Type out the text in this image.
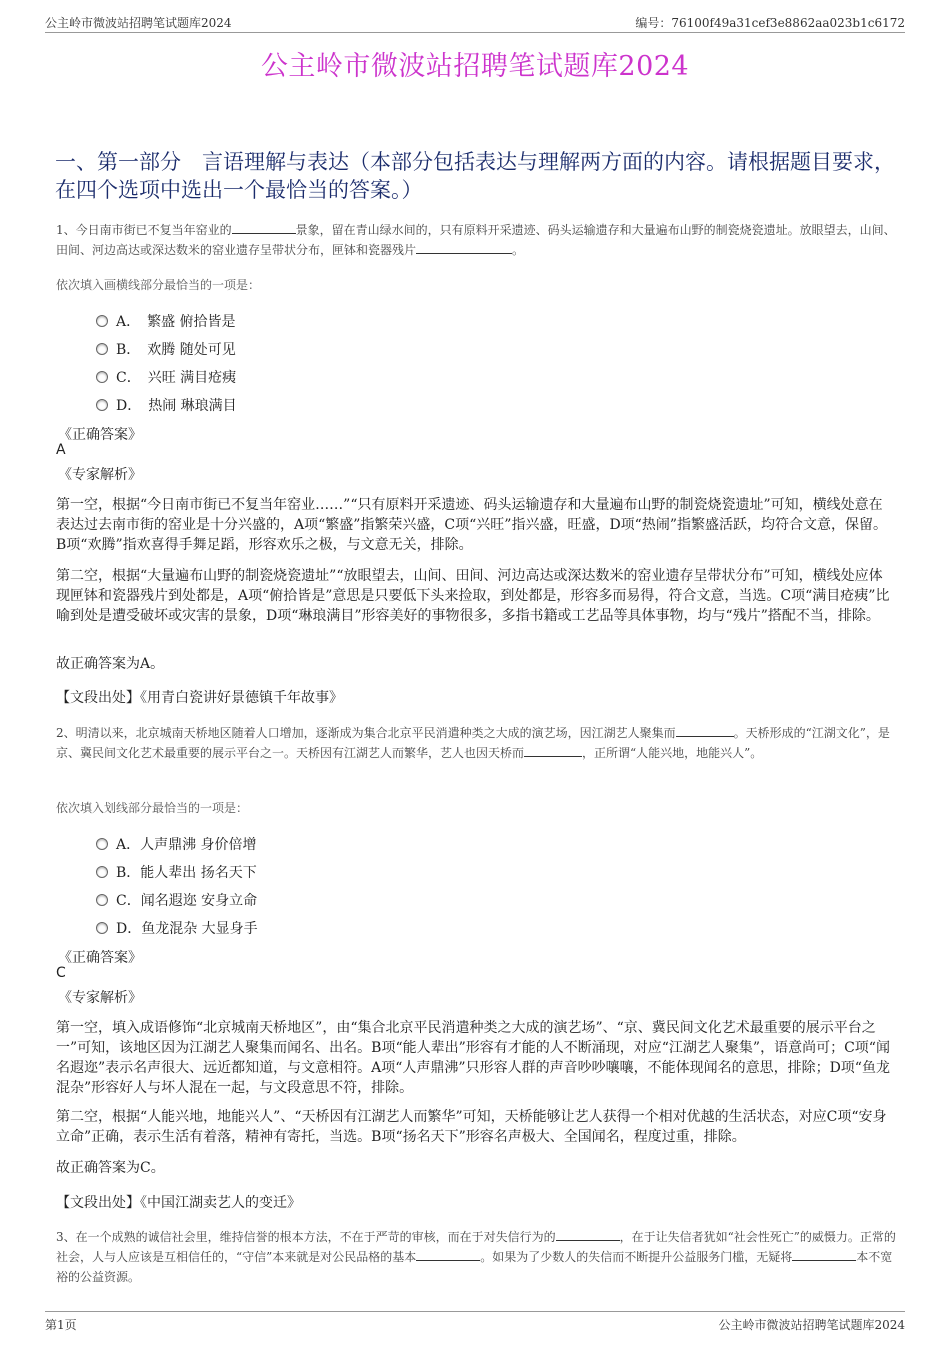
公主岭市微波站招聘笔试题库2024	编号：76100f49a31cef3e8862aa023b1c6172
公主岭市微波站招聘笔试题库2024
一、第一部分　言语理解与表达（本部分包括表达与理解两方面的内容。请根据题目要求，在四个选项中选出一个最恰当的答案。）
1、今日南市街已不复当年窑业的	景象，留在青山绿水间的，只有原料开采遗迹、码头运输遗存和大量遍布山野的制瓷烧瓷遗址。放眼望去，山间、田间、河边高达或深达数米的窑业遗存呈带状分布，匣钵和瓷器残片	。
依次填入画横线部分最恰当的一项是：
A．　繁盛 俯拾皆是
B．　欢腾 随处可见
C．　兴旺 满目疮痍
D．　热闹 琳琅满目
《正确答案》
A
《专家解析》
第一空，根据“今日南市街已不复当年窑业……”“只有原料开采遗迹、码头运输遗存和大量遍布山野的制瓷烧瓷遗址”可知，横线处意在表达过去南市街的窑业是十分兴盛的，A项“繁盛”指繁荣兴盛，C项“兴旺”指兴盛，旺盛，D项“热闹”指繁盛活跃，均符合文意，保留。B项“欢腾”指欢喜得手舞足蹈，形容欢乐之极，与文意无关，排除。
第二空，根据“大量遍布山野的制瓷烧瓷遗址”“放眼望去，山间、田间、河边高达或深达数米的窑业遗存呈带状分布”可知，横线处应体现匣钵和瓷器残片到处都是，A项“俯拾皆是”意思是只要低下头来捡取，到处都是，形容多而易得，符合文意，当选。C项“满目疮痍”比喻到处是遭受破坏或灾害的景象，D项“琳琅满目”形容美好的事物很多，多指书籍或工艺品等具体事物，均与“残片”搭配不当，排除。
故正确答案为A。
【文段出处】《用青白瓷讲好景德镇千年故事》
2、明清以来，北京城南天桥地区随着人口增加，逐渐成为集合北京平民消遣种类之大成的演艺场，因江湖艺人聚集而	。天桥形成的“江湖文化”，是京、冀民间文化艺术最重要的展示平台之一。天桥因有江湖艺人而繁华，艺人也因天桥而	，正所谓“人能兴地，地能兴人”。
依次填入划线部分最恰当的一项是：
A．人声鼎沸 身价倍增
B．能人辈出 扬名天下
C．闻名遐迩 安身立命
D．鱼龙混杂 大显身手
《正确答案》
C
《专家解析》
第一空，填入成语修饰“北京城南天桥地区”，由“集合北京平民消遣种类之大成的演艺场”、“京、冀民间文化艺术最重要的展示平台之一”可知，该地区因为江湖艺人聚集而闻名、出名。B项“能人辈出”形容有才能的人不断涌现，对应“江湖艺人聚集”，语意尚可；C项“闻名遐迩”表示名声很大、远近都知道，与文意相符。A项“人声鼎沸”只形容人群的声音吵吵嚷嚷，不能体现闻名的意思，排除；D项“鱼龙混杂”形容好人与坏人混在一起，与文段意思不符，排除。
第二空，根据“人能兴地，地能兴人”、“天桥因有江湖艺人而繁华”可知，天桥能够让艺人获得一个相对优越的生活状态，对应C项“安身立命”正确，表示生活有着落，精神有寄托，当选。B项“扬名天下”形容名声极大、全国闻名，程度过重，排除。
故正确答案为C。
【文段出处】《中国江湖卖艺人的变迁》
3、在一个成熟的诚信社会里，维持信誉的根本方法，不在于严苛的审核，而在于对失信行为的	，在于让失信者犹如“社会性死亡”的威慑力。正常的社会，人与人应该是互相信任的，“守信”本来就是对公民品格的基本	。如果为了少数人的失信而不断提升公益服务门槛，无疑将	本不宽裕的公益资源。
第1页	公主岭市微波站招聘笔试题库2024
